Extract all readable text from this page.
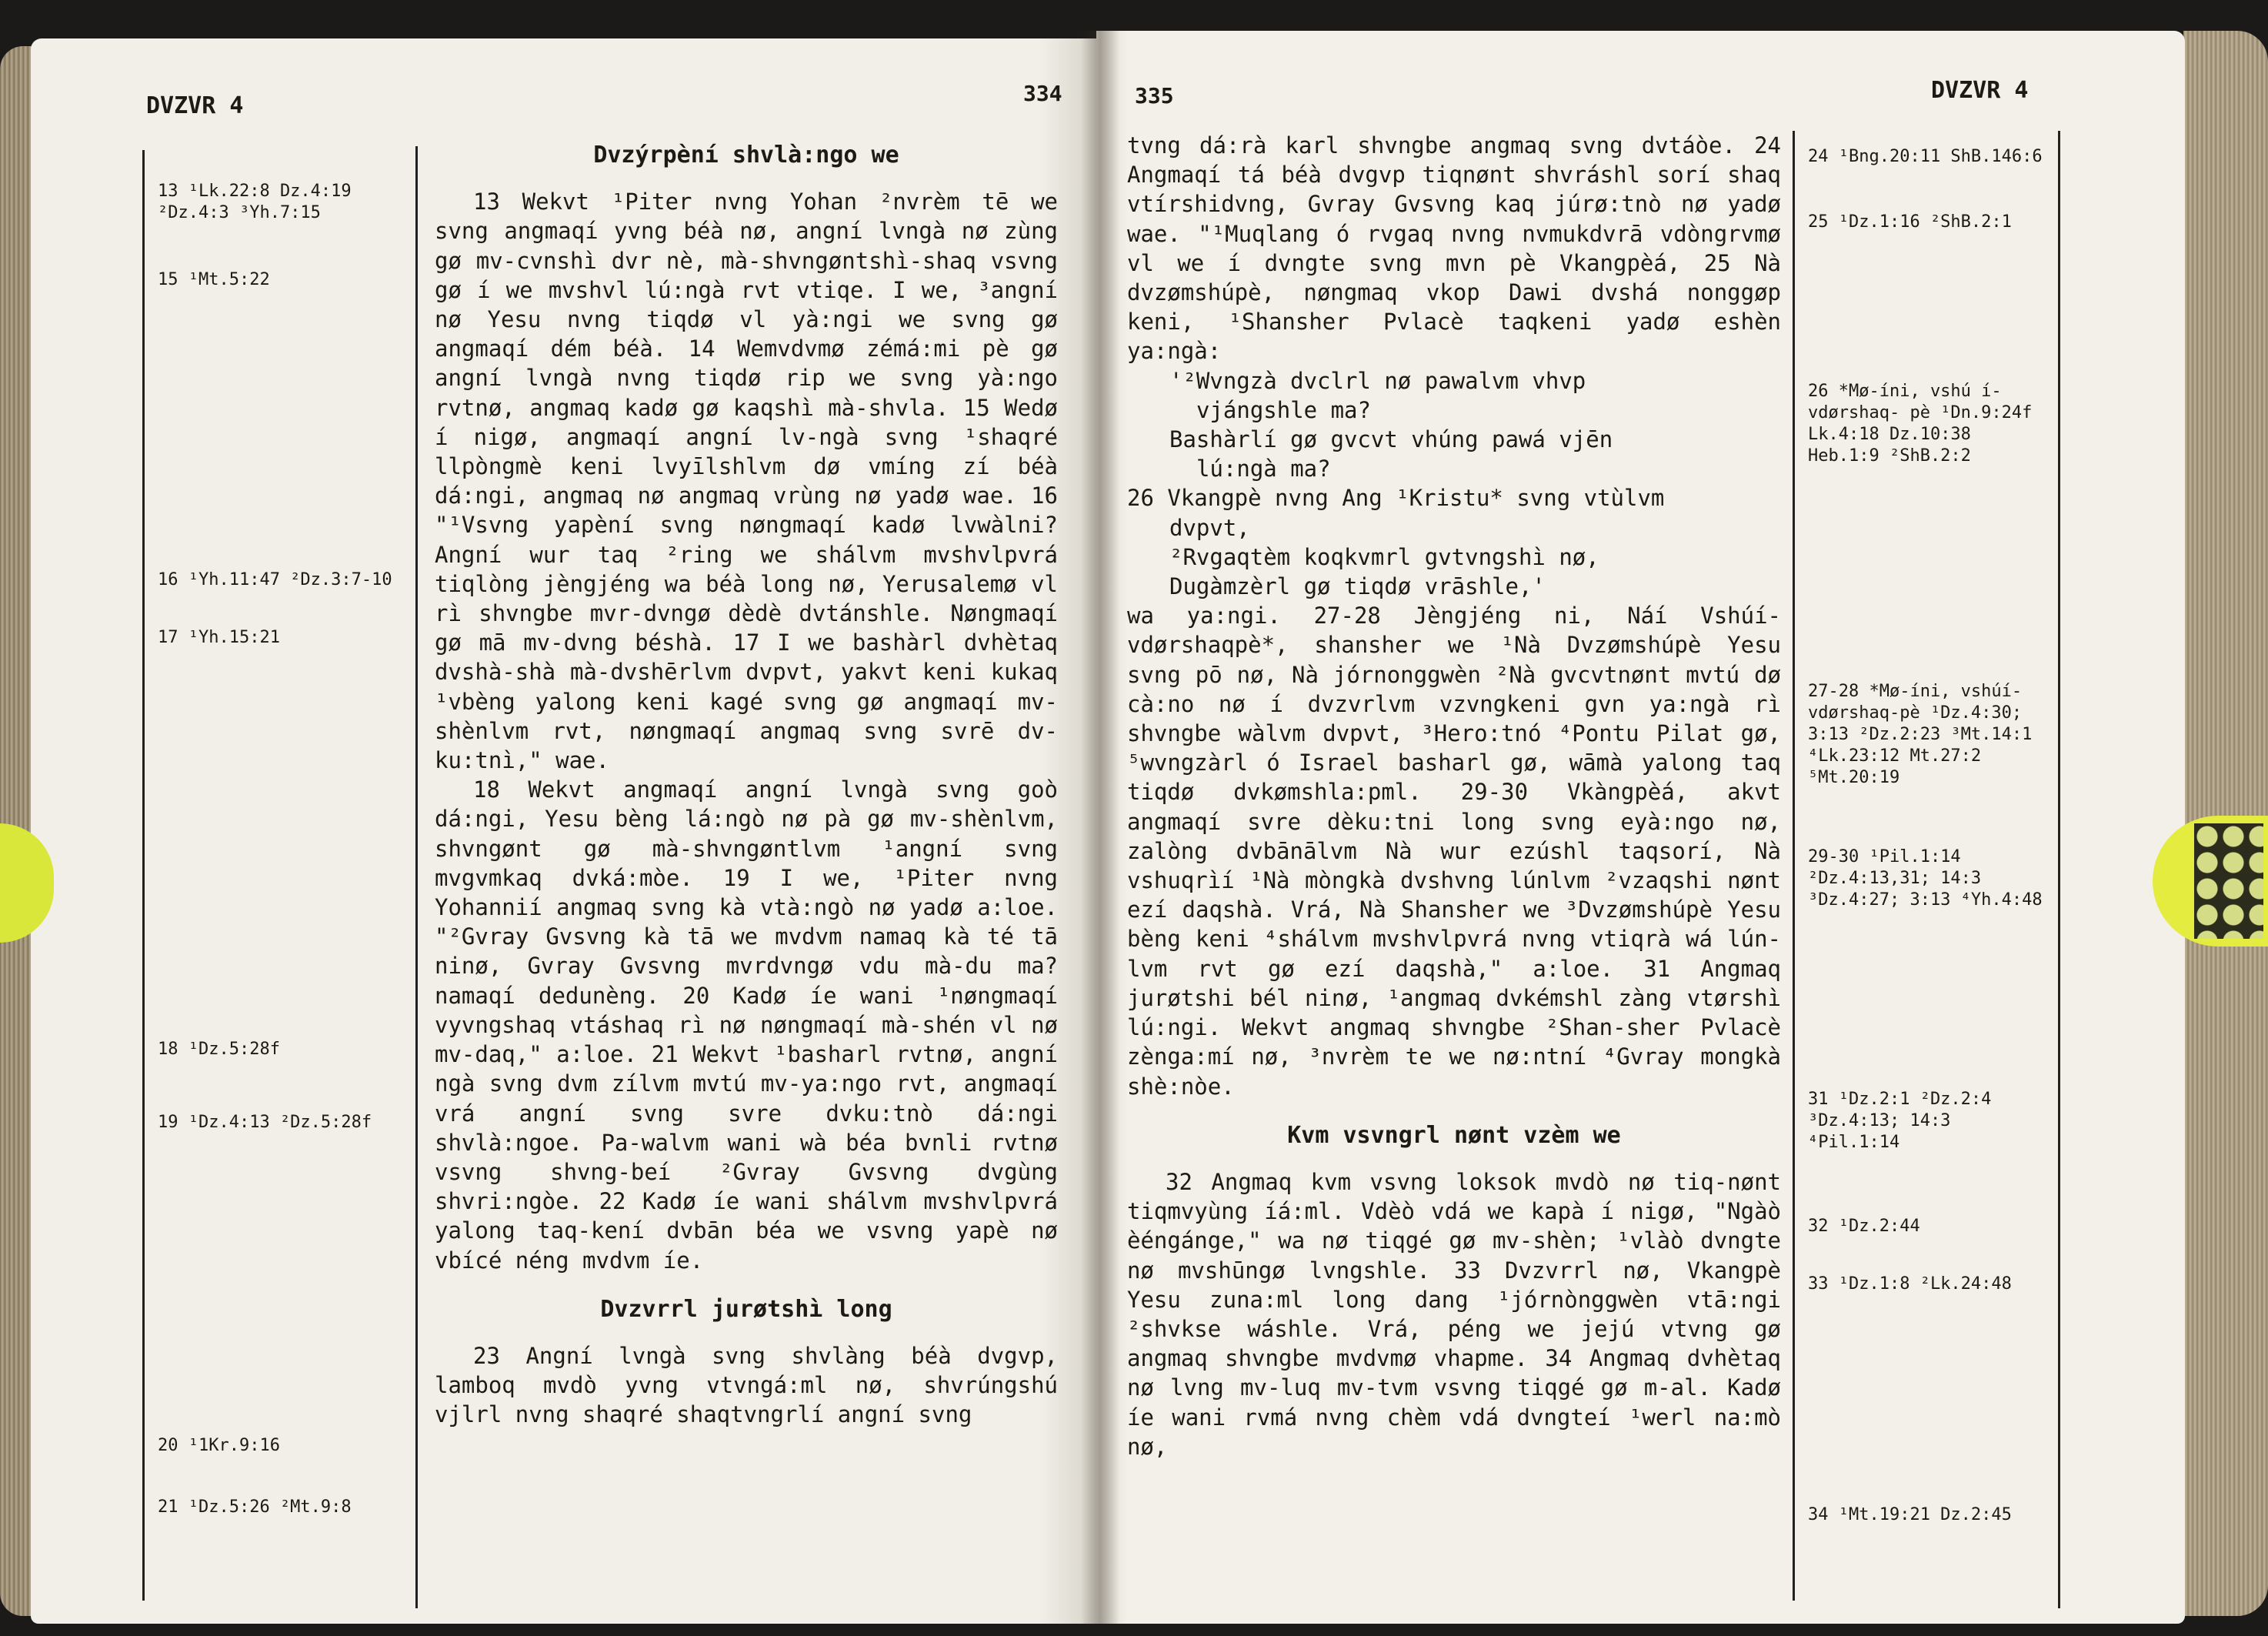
DVZVR 4	334
13 ¹Lk.22:8 Dz.4:19
²Dz.4:3 ³Yh.7:15
15 ¹Mt.5:22
16 ¹Yh.11:47 ²Dz.3:7-10
17 ¹Yh.15:21
18 ¹Dz.5:28f
19 ¹Dz.4:13 ²Dz.5:28f
20 ¹1Kr.9:16
21 ¹Dz.5:26 ²Mt.9:8
Dvzýrpèní shvlà:ngo we

13 Wekvt ¹Piter nvng Yohan ²nvrèm tē we svng angmaqí yvng béà nø, angní lvngà nø zùng gø mv-cvnshì dvr nè, mà-shvngøntshì-shaq vsvng gø í we mvshvl lú:ngà rvt vtiqe. I we, ³angní nø Yesu nvng tiqdø vl yà:ngi we svng gø angmaqí dém béà. 14 Wemvdvmø zémá:mi pè gø angní lvngà nvng tiqdø rip we svng yà:ngo rvtnø, angmaq kadø gø kaqshì mà-shvla. 15 Wedø í nigø, angmaqí angní lv-ngà svng ¹shaqré llpòngmè keni lvyīlshlvm dø vmíng zí béà dá:ngi, angmaq nø angmaq vrùng nø yadø wae. 16 "¹Vsvng yapèní svng nøngmaqí kadø lvwàlni? Angní wur taq ²ring we shálvm mvshvlpvrá tiqlòng jèngjéng wa béà long nø, Yerusalemø vl rì shvngbe mvr-dvngø dèdè dvtánshle. Nøngmaqí gø mā mv-dvng béshà. 17 I we bashàrl dvhètaq dvshà-shà mà-dvshērlvm dvpvt, yakvt keni kukaq ¹vbèng yalong keni kagé svng gø angmaqí mv-shènlvm rvt, nøngmaqí angmaq svng svrē dv-ku:tnì," wae.

18 Wekvt angmaqí angní lvngà svng goò dá:ngi, Yesu bèng lá:ngò nø pà gø mv-shènlvm, shvngønt gø mà-shvngøntlvm ¹angní svng mvgvmkaq dvká:mòe. 19 I we, ¹Piter nvng Yohannií angmaq svng kà vtà:ngò nø yadø a:loe. "²Gvray Gvsvng kà tā we mvdvm namaq kà té tā ninø, Gvray Gvsvng mvrdvngø vdu mà-du ma? namaqí dedunèng. 20 Kadø íe wani ¹nøngmaqí vyvngshaq vtáshaq rì nø nøngmaqí mà-shén vl nø mv-daq," a:loe. 21 Wekvt ¹basharl rvtnø, angní ngà svng dvm zílvm mvtú mv-ya:ngo rvt, angmaqí vrá angní svng svre dvku:tnò dá:ngi shvlà:ngoe. Pa-walvm wani wà béa bvnli rvtnø vsvng shvng-beí ²Gvray Gvsvng dvgùng shvri:ngòe. 22 Kadø íe wani shálvm mvshvlpvrá yalong taq-kení dvbān béa we vsvng yapè nø vbícé néng mvdvm íe.

Dvzvrrl jurøtshì long

23 Angní lvngà svng shvlàng béà dvgvp, lamboq mvdò yvng vtvngá:ml nø, shvrúngshú vjlrl nvng shaqré shaqtvngrlí angní svng

335	DVZVR 4

tvng dá:rà karl shvngbe angmaq svng dvtáòe. 24 Angmaqí tá béà dvgvp tiqnønt shvráshl sorí shaq vtírshidvng, Gvray Gvsvng kaq júrø:tnò nø yadø wae. "¹Muqlang ó rvgaq nvng nvmukdvrā vdòngrvmø vl we í dvngte svng mvn pè Vkangpèá, 25 Nà dvzømshúpè, nøngmaq vkop Dawi dvshá nonggøp keni, ¹Shansher Pvlacè taqkeni yadø eshèn ya:ngà:

'²Wvngzà dvclrl nø pawalvm vhvp

vjángshle ma?

Bashàrlí gø gvcvt vhúng pawá vjēn

lú:ngà ma?

26 Vkangpè nvng Ang ¹Kristu* svng vtùlvm

dvpvt,

²Rvgaqtèm koqkvmrl gvtvngshì nø,

Dugàmzèrl gø tiqdø vrāshle,'

wa ya:ngi. 27-28 Jèngjéng ni, Náí Vshúí-vdørshaqpè*, shansher we ¹Nà Dvzømshúpè Yesu svng pō nø, Nà jórnonggwèn ²Nà gvcvtnønt mvtú dø cà:no nø í dvzvrlvm vzvngkeni gvn ya:ngà rì shvngbe wàlvm dvpvt, ³Hero:tnó ⁴Pontu Pilat gø, ⁵wvngzàrl ó Israel basharl gø, wāmà yalong taq tiqdø dvkømshla:pml. 29-30 Vkàngpèá, akvt angmaqí svre dèku:tni long svng eyà:ngo nø, zalòng dvbānālvm Nà wur ezúshl taqsorí, Nà vshuqrìí ¹Nà mòngkà dvshvng lúnlvm ²vzaqshi nønt ezí daqshà. Vrá, Nà Shansher we ³Dvzømshúpè Yesu bèng keni ⁴shálvm mvshvlpvrá nvng vtiqrà wá lún-lvm rvt gø ezí daqshà," a:loe. 31 Angmaq jurøtshi bél ninø, ¹angmaq dvkémshl zàng vtørshì lú:ngi. Wekvt angmaq shvngbe ²Shan-sher Pvlacè zènga:mí nø, ³nvrèm te we nø:ntní ⁴Gvray mongkà shè:nòe.

Kvm vsvngrl nønt vzèm we

32 Angmaq kvm vsvng loksok mvdò nø tiq-nønt tiqmvyùng íá:ml. Vdèò vdá we kapà í nigø, "Ngàò èéngánge," wa nø tiqgé gø mv-shèn; ¹vlàò dvngte nø mvshūngø lvngshle. 33 Dvzvrrl nø, Vkangpè Yesu zuna:ml long dang ¹jórnònggwèn vtā:ngi ²shvkse wáshle. Vrá, péng we jejú vtvng gø angmaq shvngbe mvdvmø vhapme. 34 Angmaq dvhètaq nø lvng mv-luq mv-tvm vsvng tiqgé gø m-al. Kadø íe wani rvmá nvng chèm vdá dvngteí ¹werl na:mò nø,

24 ¹Bng.20:11 ShB.146:6
25 ¹Dz.1:16 ²ShB.2:1
26 *Mø-íni, vshú í-
vdørshaq- pè ¹Dn.9:24f
Lk.4:18 Dz.10:38
Heb.1:9 ²ShB.2:2
27-28 *Mø-íni, vshúí-
vdørshaq-pè ¹Dz.4:30;
3:13 ²Dz.2:23 ³Mt.14:1
⁴Lk.23:12 Mt.27:2
⁵Mt.20:19
29-30 ¹Pil.1:14
²Dz.4:13,31; 14:3
³Dz.4:27; 3:13 ⁴Yh.4:48
31 ¹Dz.2:1 ²Dz.2:4
³Dz.4:13; 14:3
⁴Pil.1:14
32 ¹Dz.2:44
33 ¹Dz.1:8 ²Lk.24:48
34 ¹Mt.19:21 Dz.2:45
